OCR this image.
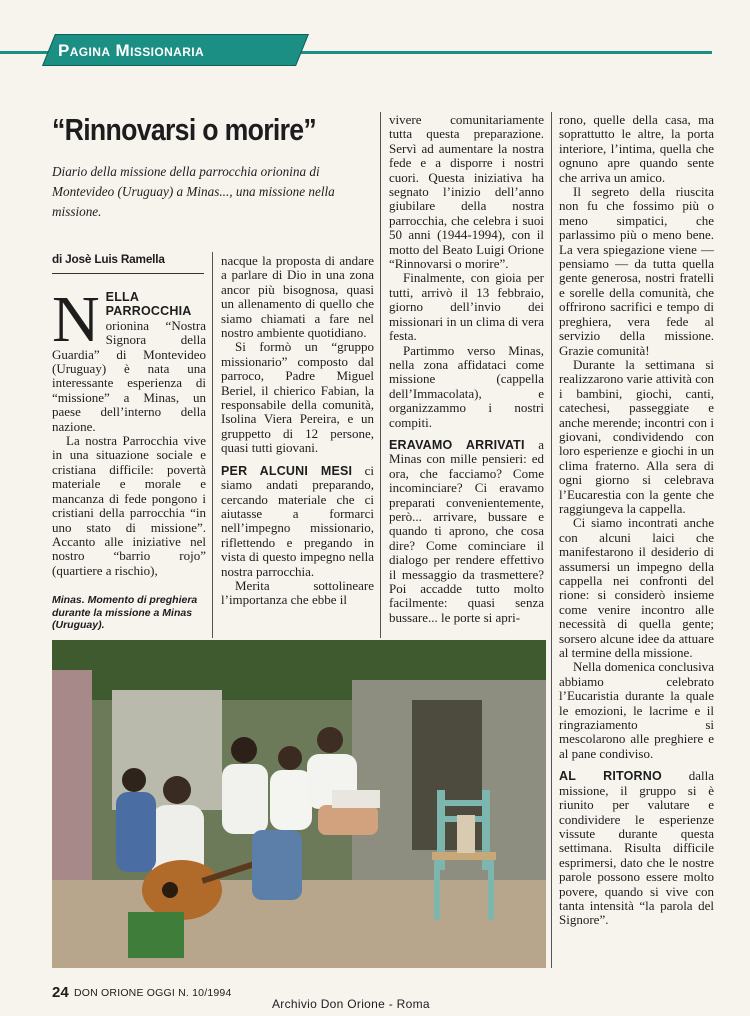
Pagina Missionaria
“Rinnovarsi o morire”
Diario della missione della parrocchia orionina di Montevideo (Uruguay) a Minas..., una missione nella missione.
di Josè Luis Ramella

NELLA PARROCCHIA orionina “Nostra Signora della Guardia” di Montevideo (Uruguay) è nata una interessante esperienza di “missione” a Minas, un paese dell’interno della nazione.

La nostra Parrocchia vive in una situazione sociale e cristiana difficile: povertà materiale e morale e mancanza di fede pongono i cristiani della parrocchia “in uno stato di missione”. Accanto alle iniziative nel nostro “barrio rojo” (quartiere a rischio),

Minas. Momento di preghiera durante la missione a Minas (Uruguay).

nacque la proposta di andare a parlare di Dio in una zona ancor più bisognosa, quasi un allenamento di quello che siamo chiamati a fare nel nostro ambiente quotidiano.

Si formò un “gruppo missionario” composto dal parroco, Padre Miguel Beriel, il chierico Fabian, la responsabile della comunità, Isolina Viera Pereira, e un gruppetto di 12 persone, quasi tutti giovani.

PER ALCUNI MESI ci siamo andati preparando, cercando materiale che ci aiutasse a formarci nell’impegno missionario, riflettendo e pregando in vista di questo impegno nella nostra parrocchia.

Merita sottolineare l’importanza che ebbe il

vivere comunitariamente tutta questa preparazione. Servì ad aumentare la nostra fede e a disporre i nostri cuori. Questa iniziativa ha segnato l’inizio dell’anno giubilare della nostra parrocchia, che celebra i suoi 50 anni (1944-1994), con il motto del Beato Luigi Orione “Rinnovarsi o morire”.

Finalmente, con gioia per tutti, arrivò il 13 febbraio, giorno dell’invio dei missionari in un clima di vera festa.

Partimmo verso Minas, nella zona affidataci come missione (cappella dell’Immacolata), e organizzammo i nostri compiti.

ERAVAMO ARRIVATI a Minas con mille pensieri: ed ora, che facciamo? Come incominciare? Ci eravamo preparati convenientemente, però... arrivare, bussare e quando ti aprono, che cosa dire? Come cominciare il dialogo per rendere effettivo il messaggio da trasmettere? Poi accadde tutto molto facilmente: quasi senza bussare... le porte si apri-

rono, quelle della casa, ma soprattutto le altre, la porta interiore, l’intima, quella che ognuno apre quando sente che arriva un amico.

Il segreto della riuscita non fu che fossimo più o meno simpatici, che parlassimo più o meno bene. La vera spiegazione viene — pensiamo — da tutta quella gente generosa, nostri fratelli e sorelle della comunità, che offrirono sacrifici e tempo di preghiera, vera fede al servizio della missione. Grazie comunità!

Durante la settimana si realizzarono varie attività con i bambini, giochi, canti, catechesi, passeggiate e anche merende; incontri con i giovani, condividendo con loro esperienze e giochi in un clima fraterno. Alla sera di ogni giorno si celebrava l’Eucarestia con la gente che raggiungeva la cappella.

Ci siamo incontrati anche con alcuni laici che manifestarono il desiderio di assumersi un impegno della cappella nei confronti del rione: si considerò insieme come venire incontro alle necessità di quella gente; sorsero alcune idee da attuare al termine della missione.

Nella domenica conclusiva abbiamo celebrato l’Eucaristia durante la quale le emozioni, le lacrime e il ringraziamento si mescolarono alle preghiere e al pane condiviso.

AL RITORNO dalla missione, il gruppo si è riunito per valutare e condividere le esperienze vissute durante questa settimana. Risulta difficile esprimersi, dato che le nostre parole possono essere molto povere, quando si vive con tanta intensità “la parola del Signore”.

24 DON ORIONE OGGI N. 10/1994
Archivio Don Orione - Roma
